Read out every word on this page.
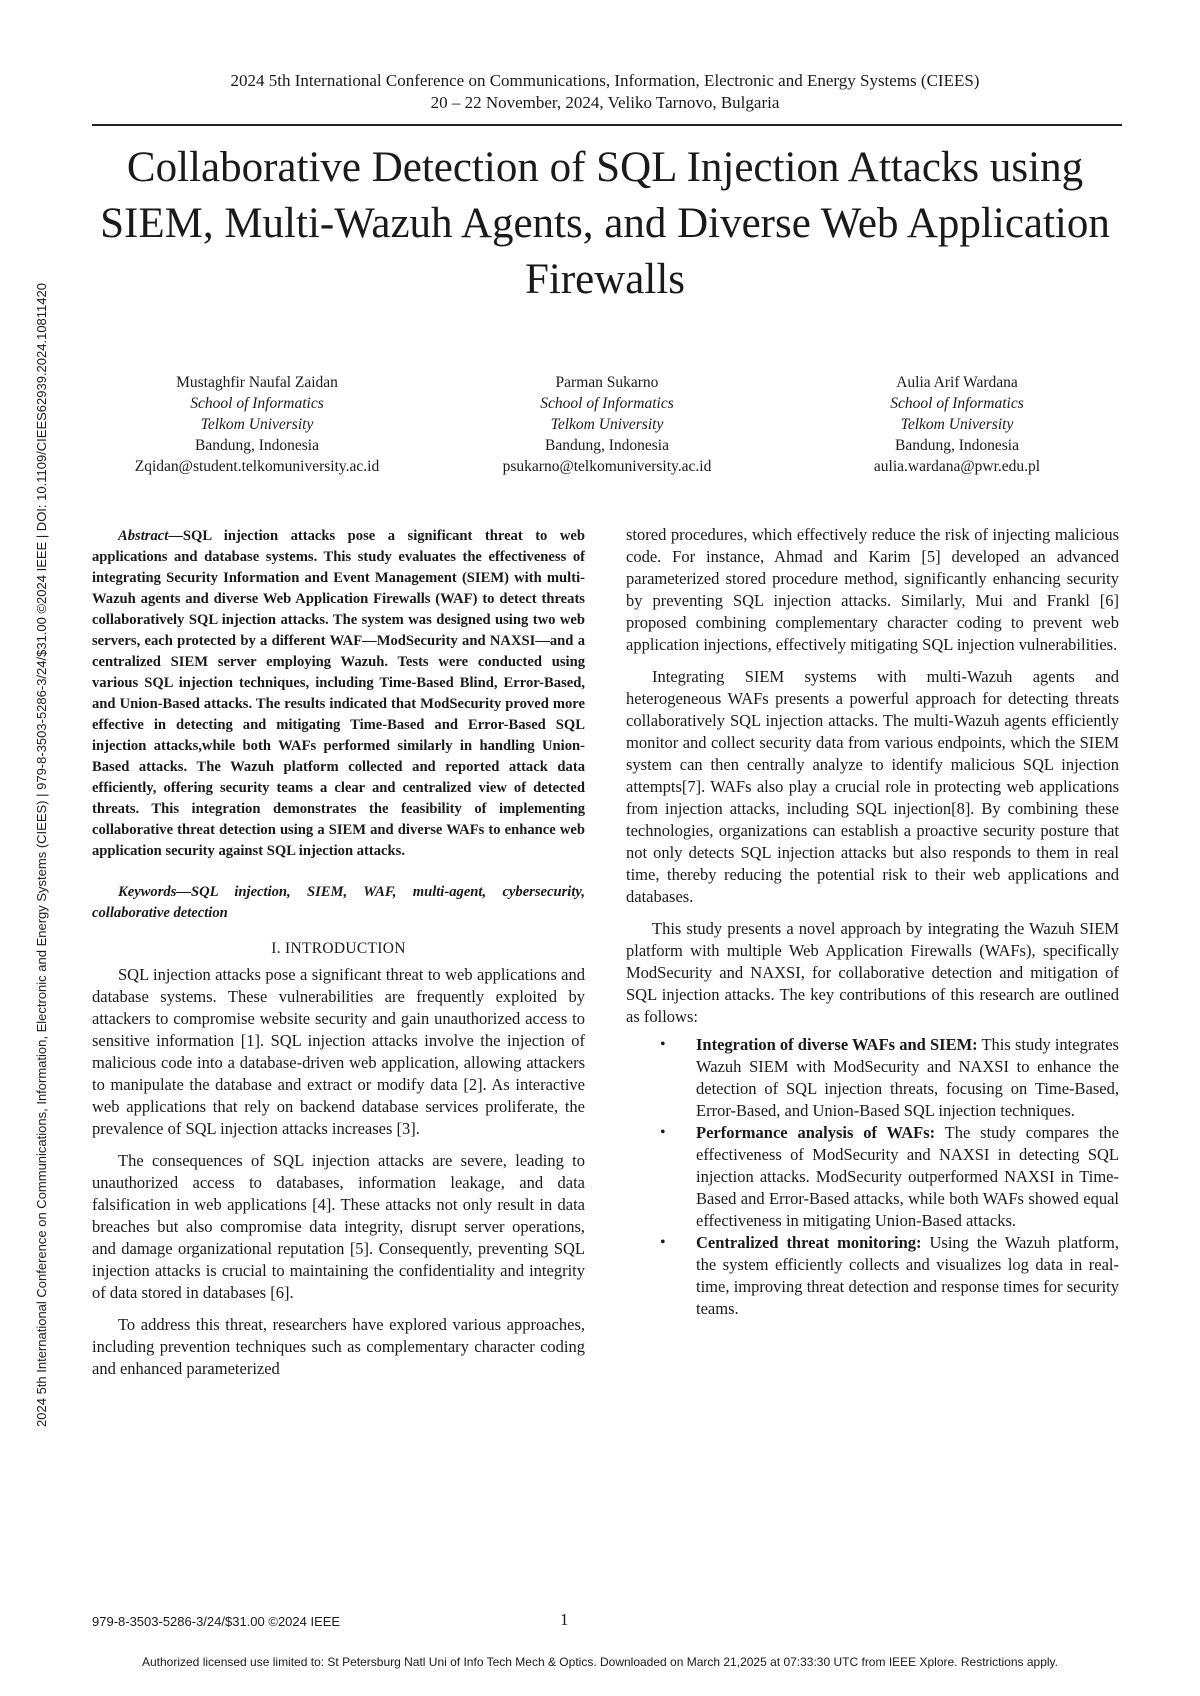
2024 5th International Conference on Communications, Information, Electronic and Energy Systems (CIEES)
20 – 22 November, 2024, Veliko Tarnovo, Bulgaria
2024 5th International Conference on Communications, Information, Electronic and Energy Systems (CIEES) | 979-8-3503-5286-3/24/$31.00 ©2024 IEEE | DOI: 10.1109/CIEES62939.2024.10811420
Collaborative Detection of SQL Injection Attacks using SIEM, Multi-Wazuh Agents, and Diverse Web Application Firewalls
Mustaghfir Naufal Zaidan
School of Informatics
Telkom University
Bandung, Indonesia
Zqidan@student.telkomuniversity.ac.id
Parman Sukarno
School of Informatics
Telkom University
Bandung, Indonesia
psukarno@telkomuniversity.ac.id
Aulia Arif Wardana
School of Informatics
Telkom University
Bandung, Indonesia
aulia.wardana@pwr.edu.pl

Abstract—SQL injection attacks pose a significant threat to web applications and database systems. This study evaluates the effectiveness of integrating Security Information and Event Management (SIEM) with multi-Wazuh agents and diverse Web Application Firewalls (WAF) to detect threats collaboratively SQL injection attacks. The system was designed using two web servers, each protected by a different WAF—ModSecurity and NAXSI—and a centralized SIEM server employing Wazuh. Tests were conducted using various SQL injection techniques, including Time-Based Blind, Error-Based, and Union-Based attacks. The results indicated that ModSecurity proved more effective in detecting and mitigating Time-Based and Error-Based SQL injection attacks,while both WAFs performed similarly in handling Union-Based attacks. The Wazuh platform collected and reported attack data efficiently, offering security teams a clear and centralized view of detected threats. This integration demonstrates the feasibility of implementing collaborative threat detection using a SIEM and diverse WAFs to enhance web application security against SQL injection attacks.

Keywords—SQL injection, SIEM, WAF, multi-agent, cybersecurity, collaborative detection

I. INTRODUCTION

SQL injection attacks pose a significant threat to web applications and database systems. These vulnerabilities are frequently exploited by attackers to compromise website security and gain unauthorized access to sensitive information [1]. SQL injection attacks involve the injection of malicious code into a database-driven web application, allowing attackers to manipulate the database and extract or modify data [2]. As interactive web applications that rely on backend database services proliferate, the prevalence of SQL injection attacks increases [3].

The consequences of SQL injection attacks are severe, leading to unauthorized access to databases, information leakage, and data falsification in web applications [4]. These attacks not only result in data breaches but also compromise data integrity, disrupt server operations, and damage organizational reputation [5]. Consequently, preventing SQL injection attacks is crucial to maintaining the confidentiality and integrity of data stored in databases [6].

To address this threat, researchers have explored various approaches, including prevention techniques such as complementary character coding and enhanced parameterized

stored procedures, which effectively reduce the risk of injecting malicious code. For instance, Ahmad and Karim [5] developed an advanced parameterized stored procedure method, significantly enhancing security by preventing SQL injection attacks. Similarly, Mui and Frankl [6] proposed combining complementary character coding to prevent web application injections, effectively mitigating SQL injection vulnerabilities.

Integrating SIEM systems with multi-Wazuh agents and heterogeneous WAFs presents a powerful approach for detecting threats collaboratively SQL injection attacks. The multi-Wazuh agents efficiently monitor and collect security data from various endpoints, which the SIEM system can then centrally analyze to identify malicious SQL injection attempts[7]. WAFs also play a crucial role in protecting web applications from injection attacks, including SQL injection[8]. By combining these technologies, organizations can establish a proactive security posture that not only detects SQL injection attacks but also responds to them in real time, thereby reducing the potential risk to their web applications and databases.

This study presents a novel approach by integrating the Wazuh SIEM platform with multiple Web Application Firewalls (WAFs), specifically ModSecurity and NAXSI, for collaborative detection and mitigation of SQL injection attacks. The key contributions of this research are outlined as follows:

• Integration of diverse WAFs and SIEM: This study integrates Wazuh SIEM with ModSecurity and NAXSI to enhance the detection of SQL injection threats, focusing on Time-Based, Error-Based, and Union-Based SQL injection techniques.
• Performance analysis of WAFs: The study compares the effectiveness of ModSecurity and NAXSI in detecting SQL injection attacks. ModSecurity outperformed NAXSI in Time-Based and Error-Based attacks, while both WAFs showed equal effectiveness in mitigating Union-Based attacks.
• Centralized threat monitoring: Using the Wazuh platform, the system efficiently collects and visualizes log data in real-time, improving threat detection and response times for security teams.
979-8-3503-5286-3/24/$31.00 ©2024 IEEE	1
Authorized licensed use limited to: St Petersburg Natl Uni of Info Tech Mech & Optics. Downloaded on March 21,2025 at 07:33:30 UTC from IEEE Xplore. Restrictions apply.
